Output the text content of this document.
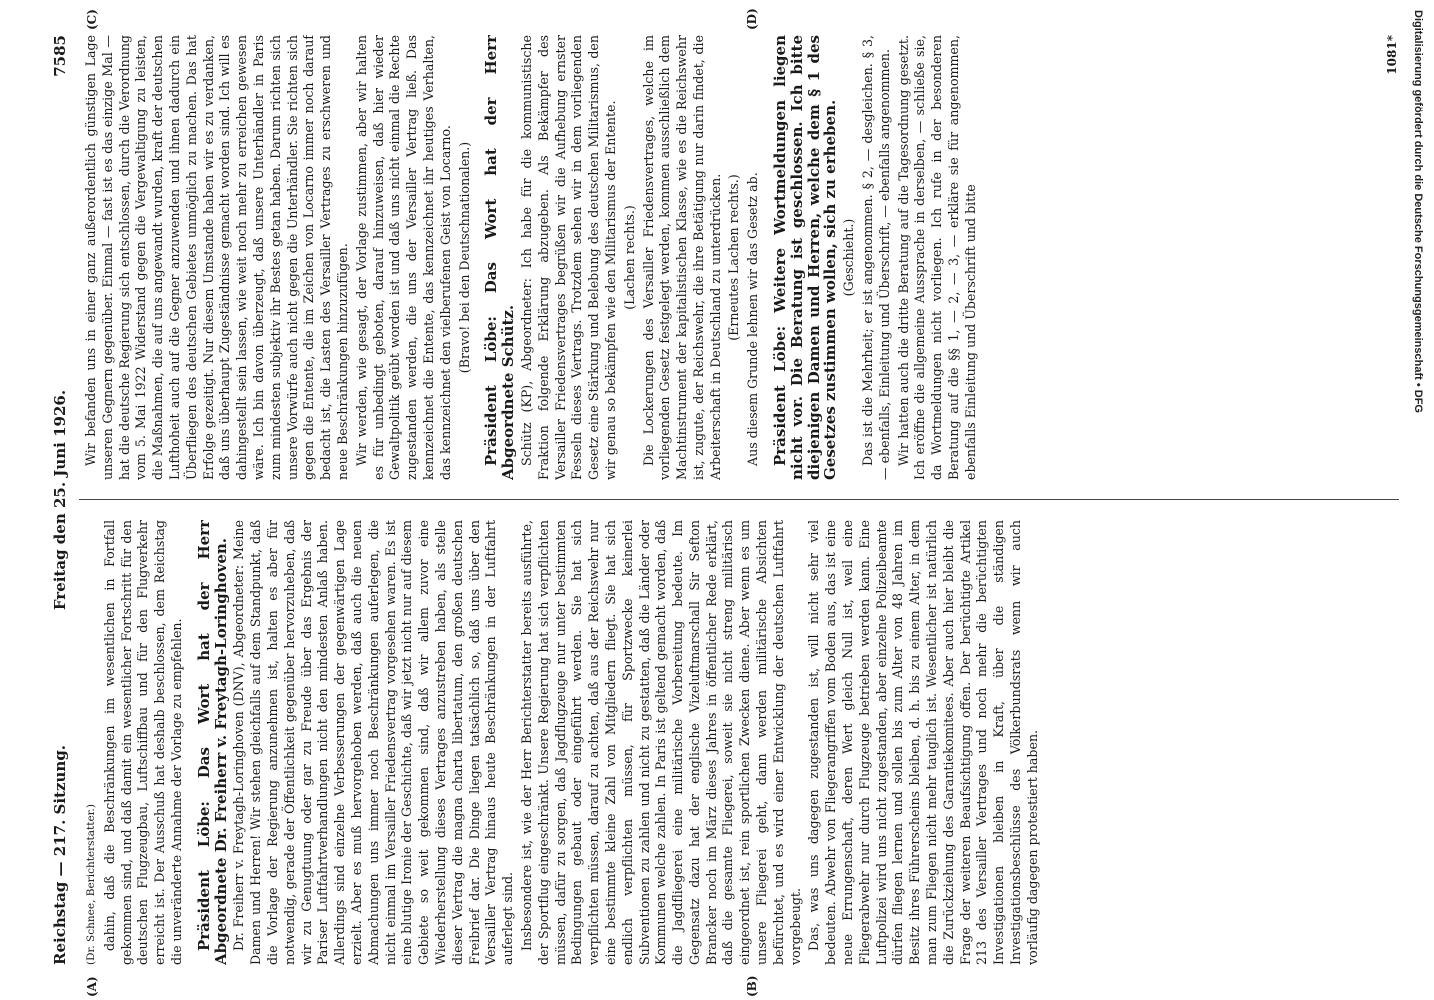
Reichstag — 217. Sitzung.
Freitag den 25. Juni 1926.
7585
(A)	(B)
(C)	(D)

(Dr. Schnee, Berichterstatter.) dahin, daß die Beschränkungen im wesentlichen in Fortfall gekommen sind, und daß damit ein wesentlicher Fortschritt für den deutschen Flugzeugbau, Luftschiffbau und für den Flugverkehr erreicht ist. Der Ausschuß hat deshalb beschlossen, dem Reichstag die unveränderte Annahme der Vorlage zu empfehlen. Präsident Löbe: Das Wort hat der Herr Abgeordnete Dr. Freiherr v. Freytagh-Loringhoven. Dr. Freiherr v. Freytagh-Loringhoven (DNV), Abgeordneter: Meine Damen und Herren! Wir stehen gleichfalls auf dem Standpunkt, daß die Vorlage der Regierung anzunehmen ist, halten es aber für notwendig, gerade der Öffentlichkeit gegenüber hervorzuheben, daß wir zu Genugtuung oder gar zu Freude über das Ergebnis der Pariser Luftfahrtverhandlungen nicht den mindesten Anlaß haben. Allerdings sind einzelne Verbesserungen der gegenwärtigen Lage erzielt. Aber es muß hervorgehoben werden, daß auch die neuen Abmachungen uns immer noch Beschränkungen auferlegen, die nicht einmal im Versailler Friedensvertrag vorgesehen waren. Es ist eine blutige Ironie der Geschichte, daß wir jetzt nicht nur auf diesem Gebiete so weit gekommen sind, daß wir allem zuvor eine Wiederherstellung dieses Vertrages anzustreben haben, als stelle dieser Vertrag die magna charta libertatum, den großen deutschen Freibrief dar. Die Dinge liegen tatsächlich so, daß uns über den Versailler Vertrag hinaus heute Beschränkungen in der Luftfahrt auferlegt sind. Insbesondere ist, wie der Herr Berichterstatter bereits ausführte, der Sportflug eingeschränkt. Unsere Regierung hat sich verpflichten müssen, dafür zu sorgen, daß Jagdflugzeuge nur unter bestimmten Bedingungen gebaut oder eingeführt werden. Sie hat sich verpflichten müssen, darauf zu achten, daß aus der Reichswehr nur eine bestimmte kleine Zahl von Mitgliedern fliegt. Sie hat sich endlich verpflichten müssen, für Sportzwecke keinerlei Subventionen zu zahlen und nicht zu gestatten, daß die Länder oder Kommunen welche zahlen. In Paris ist geltend gemacht worden, daß die Jagdfliegerei eine militärische Vorbereitung bedeute. Im Gegensatz dazu hat der englische Vizeluftmarschall Sir Sefton Brancker noch im März dieses Jahres in öffentlicher Rede erklärt, daß die gesamte Fliegerei, soweit sie nicht streng militärisch eingeordnet ist, rein sportlichen Zwecken diene. Aber wenn es um unsere Fliegerei geht, dann werden militärische Absichten befürchtet, und es wird einer Entwicklung der deutschen Luftfahrt vorgebeugt. Das, was uns dagegen zugestanden ist, will nicht sehr viel bedeuten. Abwehr von Fliegerangriffen vom Boden aus, das ist eine neue Errungenschaft, deren Wert gleich Null ist, weil eine Fliegerabwehr nur durch Flugzeuge betrieben werden kann. Eine Luftpolizei wird uns nicht zugestanden, aber einzelne Polizeibeamte dürfen fliegen lernen und sollen bis zum Alter von 48 Jahren im Besitz ihres Führerscheins bleiben, d. h. bis zu einem Alter, in dem man zum Fliegen nicht mehr tauglich ist. Wesentlicher ist natürlich die Zurückziehung des Garantiekomitees. Aber auch hier bleibt die Frage der weiteren Beaufsichtigung offen. Der berüchtigte Artikel 213 des Versailler Vertrages und noch mehr die berüchtigten Investigationen bleiben in Kraft, über die ständigen Investigationsbeschlüsse des Völkerbundsrats wenn wir auch vorläufig dagegen protestiert haben.

Wir befanden uns in einer ganz außerordentlich günstigen Lage unseren Gegnern gegenüber. Einmal — fast ist es das einzige Mal — hat die deutsche Regierung sich entschlossen, durch die Verordnung vom 5. Mai 1922 Widerstand gegen die Vergewaltigung zu leisten, die Maßnahmen, die auf uns angewandt wurden, kraft der deutschen Lufthoheit auch auf die Gegner anzuwenden und ihnen dadurch ein Überfliegen des deutschen Gebietes unmöglich zu machen. Das hat Erfolge gezeitigt. Nur diesem Umstande haben wir es zu verdanken, daß uns überhaupt Zugeständnisse gemacht worden sind. Ich will es dahingestellt sein lassen, wie weit noch mehr zu erreichen gewesen wäre. Ich bin davon überzeugt, daß unsere Unterhändler in Paris zum mindesten subjektiv ihr Bestes getan haben. Darum richten sich unsere Vorwürfe auch nicht gegen die Unterhändler. Sie richten sich gegen die Entente, die im Zeichen von Locarno immer noch darauf bedacht ist, die Lasten des Versailler Vertrages zu erschweren und neue Beschränkungen hinzuzufügen. Wir werden, wie gesagt, der Vorlage zustimmen, aber wir halten es für unbedingt geboten, darauf hinzuweisen, daß hier wieder Gewaltpolitik geübt worden ist und daß uns nicht einmal die Rechte zugestanden werden, die uns der Versailler Vertrag ließ. Das kennzeichnet die Entente, das kennzeichnet ihr heutiges Verhalten, das kennzeichnet den vielberufenen Geist von Locarno. (Bravo! bei den Deutschnationalen.) Präsident Löbe: Das Wort hat der Herr Abgeordnete Schütz. Schütz (KP), Abgeordneter: Ich habe für die kommunistische Fraktion folgende Erklärung abzugeben. Als Bekämpfer des Versailler Friedensvertrages begrüßen wir die Aufhebung ernster Fesseln dieses Vertrags. Trotzdem sehen wir in dem vorliegenden Gesetz eine Stärkung und Belebung des deutschen Militarismus, den wir genau so bekämpfen wie den Militarismus der Entente. (Lachen rechts.) Die Lockerungen des Versailler Friedensvertrages, welche im vorliegenden Gesetz festgelegt werden, kommen ausschließlich dem Machtinstrument der kapitalistischen Klasse, wie es die Reichswehr ist, zugute, der Reichswehr, die ihre Betätigung nur darin findet, die Arbeiterschaft in Deutschland zu unterdrücken. (Erneutes Lachen rechts.) Aus diesem Grunde lehnen wir das Gesetz ab. Präsident Löbe: Weitere Wortmeldungen liegen nicht vor. Die Beratung ist geschlossen. Ich bitte diejenigen Damen und Herren, welche dem § 1 des Gesetzes zustimmen wollen, sich zu erheben. (Geschieht.) Das ist die Mehrheit; er ist angenommen. § 2, — desgleichen. § 3, — ebenfalls, Einleitung und Überschrift, — ebenfalls angenommen. Wir hatten auch die dritte Beratung auf die Tagesordnung gesetzt. Ich eröffne die allgemeine Aussprache in derselben, — schließe sie, da Wortmeldungen nicht vorliegen. Ich rufe in der besonderen Beratung auf die §§ 1, — 2, — 3, — erkläre sie für angenommen, ebenfalls Einleitung und Überschrift und bitte

1081*	Digitalisierung gefördert durch die Deutsche Forschungsgemeinschaft • DFG
